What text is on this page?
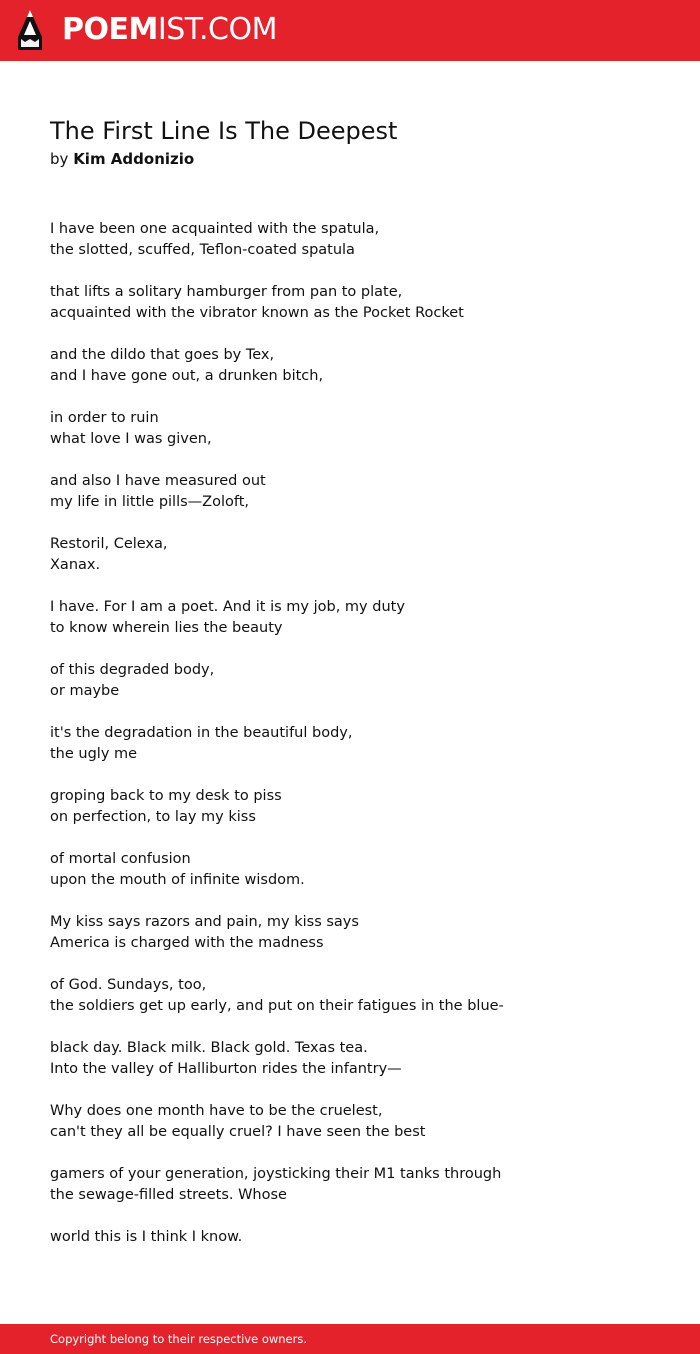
POEMIST.COM
The First Line Is The Deepest
by Kim Addonizio
I have been one acquainted with the spatula,
the slotted, scuffed, Teflon-coated spatula
that lifts a solitary hamburger from pan to plate,
acquainted with the vibrator known as the Pocket Rocket
and the dildo that goes by Tex,
and I have gone out, a drunken bitch,
in order to ruin
what love I was given,
and also I have measured out
my life in little pills—Zoloft,
Restoril, Celexa,
Xanax.
I have. For I am a poet. And it is my job, my duty
to know wherein lies the beauty
of this degraded body,
or maybe
it's the degradation in the beautiful body,
the ugly me
groping back to my desk to piss
on perfection, to lay my kiss
of mortal confusion
upon the mouth of infinite wisdom.
My kiss says razors and pain, my kiss says
America is charged with the madness
of God. Sundays, too,
the soldiers get up early, and put on their fatigues in the blue-
black day. Black milk. Black gold. Texas tea.
Into the valley of Halliburton rides the infantry—
Why does one month have to be the cruelest,
can't they all be equally cruel? I have seen the best
gamers of your generation, joysticking their M1 tanks through
the sewage-filled streets. Whose
world this is I think I know.
Copyright belong to their respective owners.
